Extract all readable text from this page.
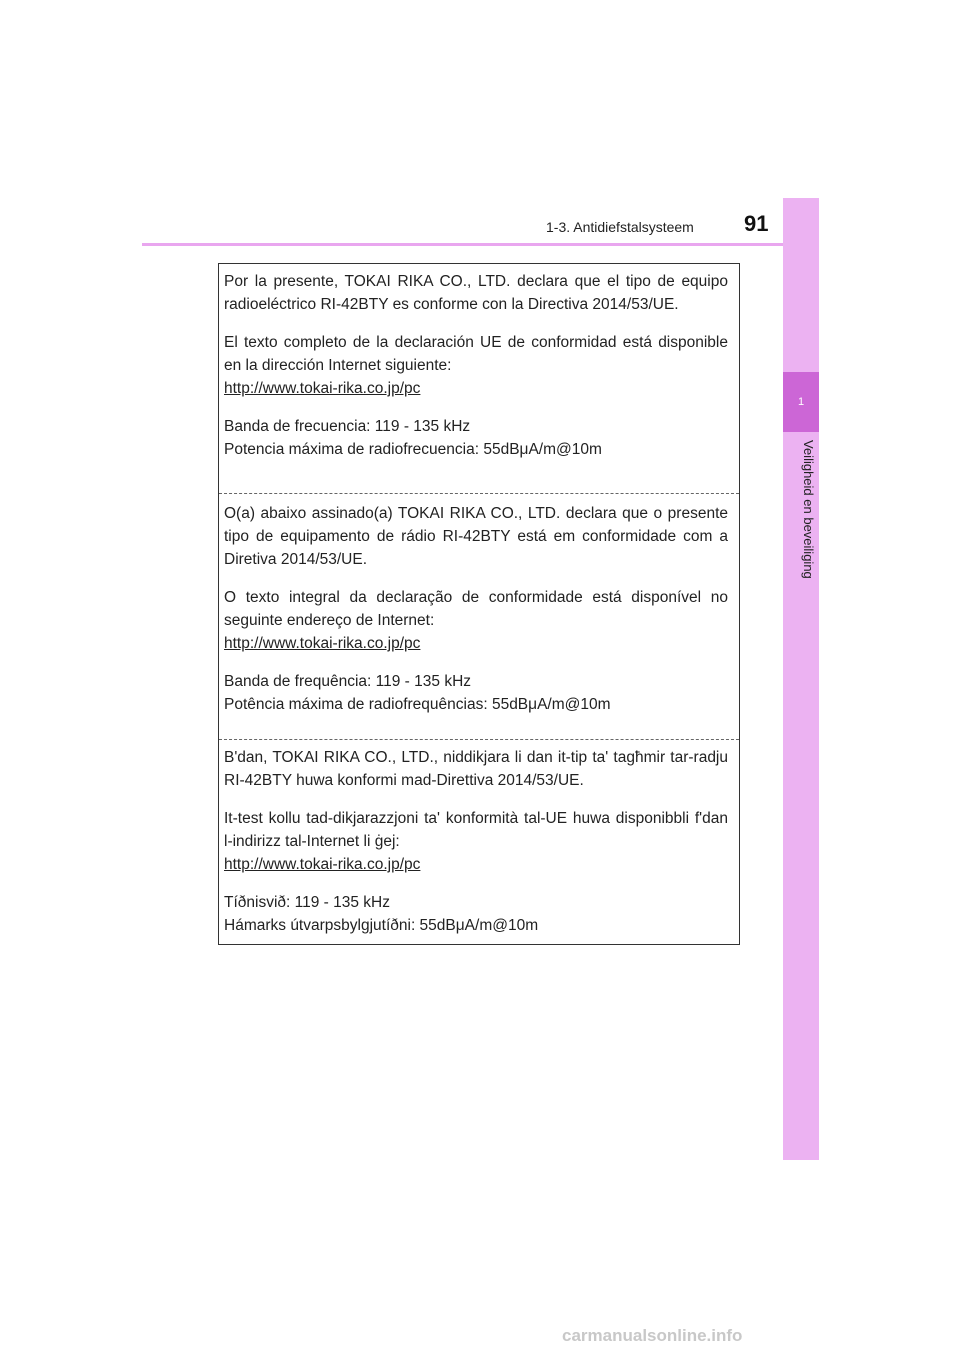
1-3. Antidiefstalsysteem 91
1
Veiligheid en beveiliging

Por la presente, TOKAI RIKA CO., LTD. declara que el tipo de equipo radioeléctrico RI-42BTY es conforme con la Directiva 2014/53/UE.

El texto completo de la declaración UE de conformidad está disponible en la dirección Internet siguiente:

http://www.tokai-rika.co.jp/pc

Banda de frecuencia: 119 - 135 kHz

Potencia máxima de radiofrecuencia: 55dBμA/m@10m

O(a) abaixo assinado(a) TOKAI RIKA CO., LTD. declara que o presente tipo de equipamento de rádio RI-42BTY está em conformidade com a Diretiva 2014/53/UE.

O texto integral da declaração de conformidade está disponível no seguinte endereço de Internet:

http://www.tokai-rika.co.jp/pc

Banda de frequência: 119 - 135 kHz

Potência máxima de radiofrequências: 55dBμA/m@10m

B'dan, TOKAI RIKA CO., LTD., niddikjara li dan it-tip ta' tagħmir tar-radju RI-42BTY huwa konformi mad-Direttiva 2014/53/UE.

It-test kollu tad-dikjarazzjoni ta' konformità tal-UE huwa disponibbli f'dan l-indirizz tal-Internet li ġej:

http://www.tokai-rika.co.jp/pc

Tíðnisvið: 119 - 135 kHz

Hámarks útvarpsbylgjutíðni: 55dBμA/m@10m

carmanualsonline.info
